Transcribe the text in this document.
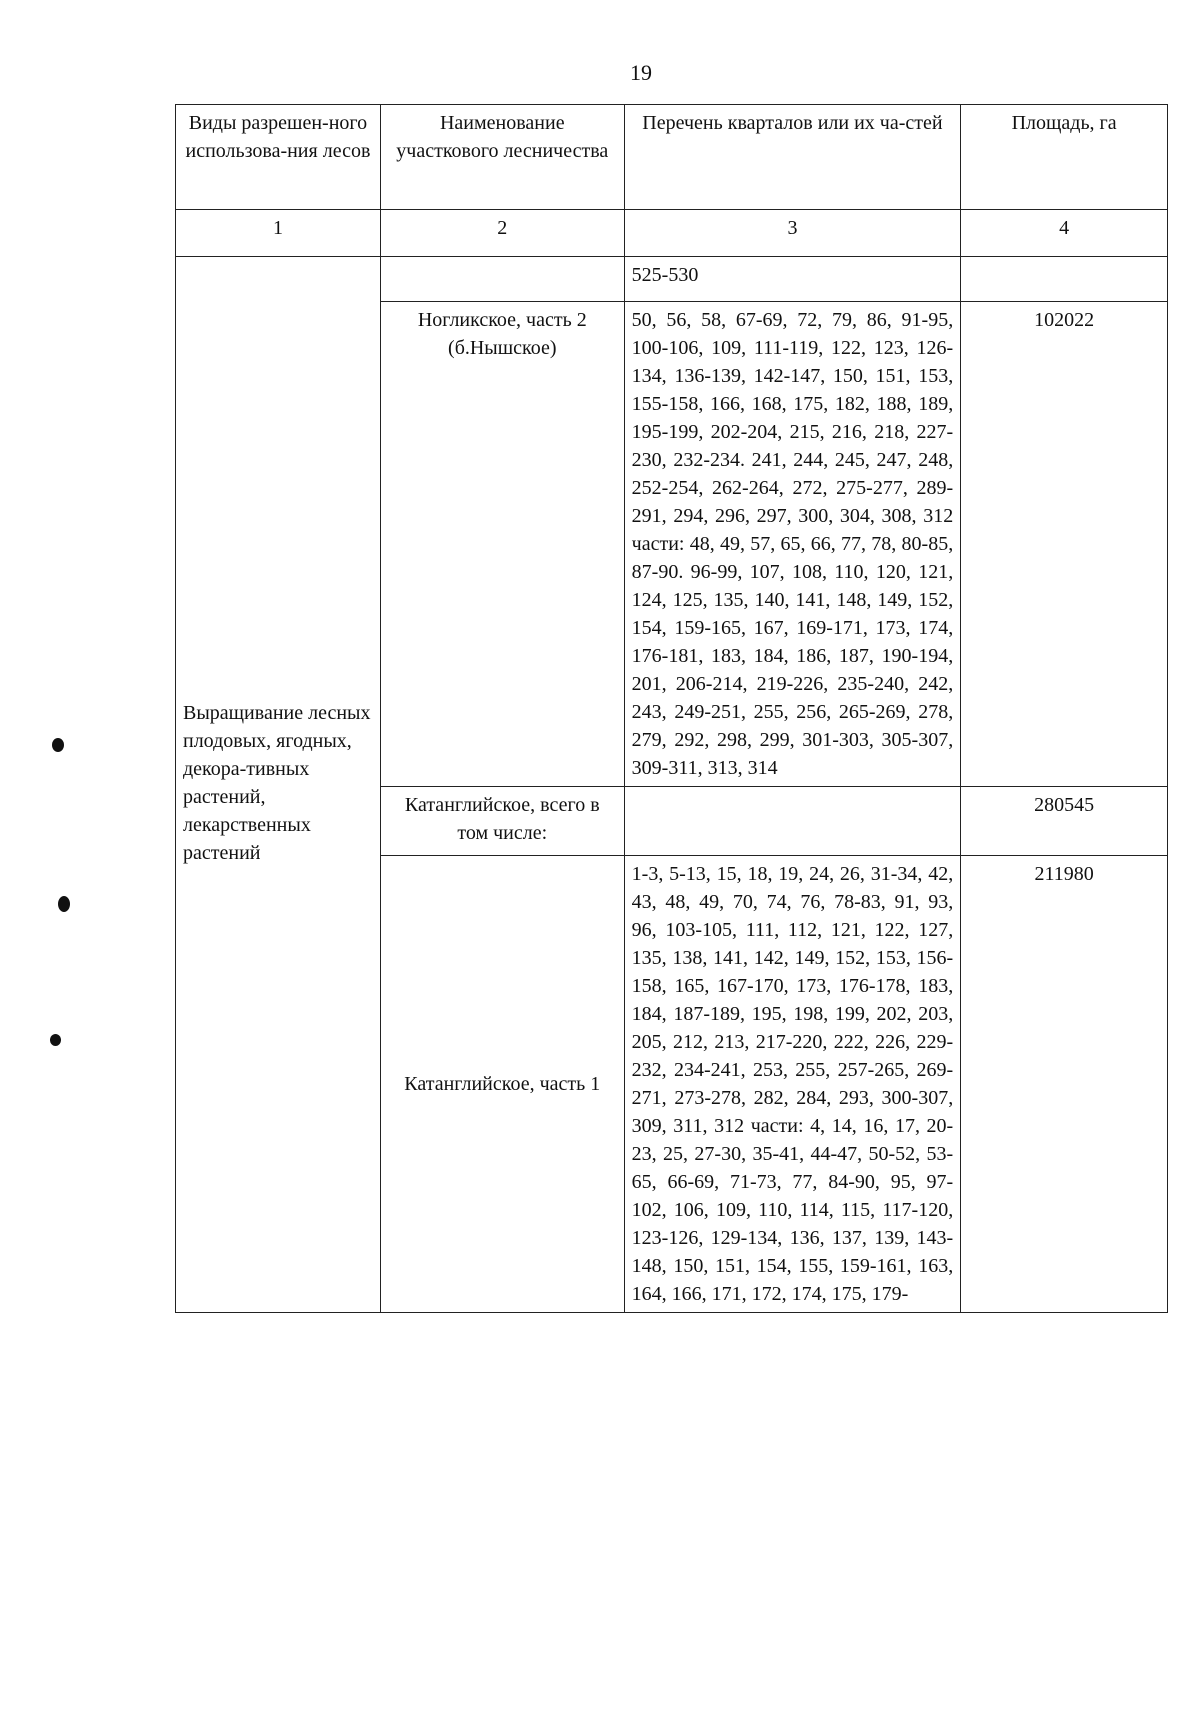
19
Виды разрешен-ного использова-ния лесов	Наименование участкового лесничества	Перечень кварталов или их ча-стей	Площадь, га
1	2	3	4

Выращивание лесных плодовых, ягодных, декора-тивных растений, лекарственных растений		525-530	
	Ногликское, часть 2 (б.Нышское)	50, 56, 58, 67-69, 72, 79, 86, 91-95, 100-106, 109, 111-119, 122, 123, 126-134, 136-139, 142-147, 150, 151, 153, 155-158, 166, 168, 175, 182, 188, 189, 195-199, 202-204, 215, 216, 218, 227-230, 232-234. 241, 244, 245, 247, 248, 252-254, 262-264, 272, 275-277, 289-291, 294, 296, 297, 300, 304, 308, 312 части: 48, 49, 57, 65, 66, 77, 78, 80-85, 87-90. 96-99, 107, 108, 110, 120, 121, 124, 125, 135, 140, 141, 148, 149, 152, 154, 159-165, 167, 169-171, 173, 174, 176-181, 183, 184, 186, 187, 190-194, 201, 206-214, 219-226, 235-240, 242, 243, 249-251, 255, 256, 265-269, 278, 279, 292, 298, 299, 301-303, 305-307, 309-311, 313, 314	102022
	Катанглийское, всего в том числе:		280545
	Катанглийское, часть 1	1-3, 5-13, 15, 18, 19, 24, 26, 31-34, 42, 43, 48, 49, 70, 74, 76, 78-83, 91, 93, 96, 103-105, 111, 112, 121, 122, 127, 135, 138, 141, 142, 149, 152, 153, 156-158, 165, 167-170, 173, 176-178, 183, 184, 187-189, 195, 198, 199, 202, 203, 205, 212, 213, 217-220, 222, 226, 229-232, 234-241, 253, 255, 257-265, 269-271, 273-278, 282, 284, 293, 300-307, 309, 311, 312 части: 4, 14, 16, 17, 20-23, 25, 27-30, 35-41, 44-47, 50-52, 53-65, 66-69, 71-73, 77, 84-90, 95, 97-102, 106, 109, 110, 114, 115, 117-120, 123-126, 129-134, 136, 137, 139, 143-148, 150, 151, 154, 155, 159-161, 163, 164, 166, 171, 172, 174, 175, 179-	211980
